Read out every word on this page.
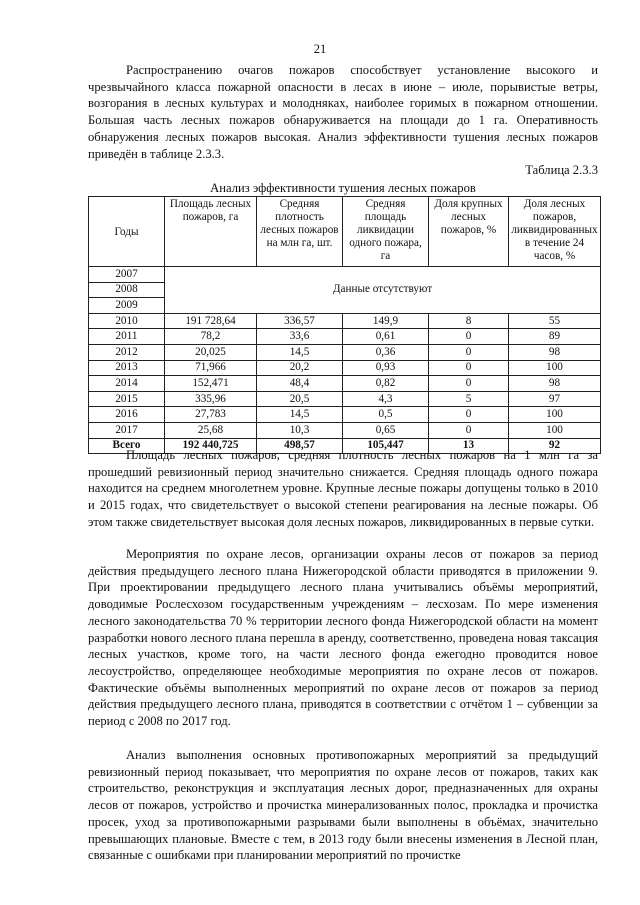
21

Распространению очагов пожаров способствует установление высокого и чрезвычайного класса пожарной опасности в лесах в июне – июле, порывистые ветры, возгорания в лесных культурах и молодняках, наиболее горимых в пожарном отношении. Большая часть лесных пожаров обнаруживается на площади до 1 га. Оперативность обнаружения лесных пожаров высокая. Анализ эффективности тушения лесных пожаров приведён в таблице 2.3.3.

Таблица 2.3.3
Анализ эффективности тушения лесных пожаров
Годы	Площадь лесных пожаров, га	Средняя плотность лесных пожаров на млн га, шт.	Средняя площадь ликвидации одного пожара, га	Доля крупных лесных пожаров, %	Доля лесных пожаров, ликвидированных в течение 24 часов, %
2007	Данные отсутствуют				
2008					
2009					
2010	191 728,64	336,57	149,9	8	55
2011	78,2	33,6	0,61	0	89
2012	20,025	14,5	0,36	0	98
2013	71,966	20,2	0,93	0	100
2014	152,471	48,4	0,82	0	98
2015	335,96	20,5	4,3	5	97
2016	27,783	14,5	0,5	0	100
2017	25,68	10,3	0,65	0	100
Всего	192 440,725	498,57	105,447	13	92

Площадь лесных пожаров, средняя плотность лесных пожаров на 1 млн га за прошедший ревизионный период значительно снижается. Средняя площадь одного пожара находится на среднем многолетнем уровне. Крупные лесные пожары допущены только в 2010 и 2015 годах, что свидетельствует о высокой степени реагирования на лесные пожары. Об этом также свидетельствует высокая доля лесных пожаров, ликвидированных в первые сутки.

Мероприятия по охране лесов, организации охраны лесов от пожаров за период действия предыдущего лесного плана Нижегородской области приводятся в приложении 9. При проектировании предыдущего лесного плана учитывались объёмы мероприятий, доводимые Рослесхозом государственным учреждениям – лесхозам. По мере изменения лесного законодательства 70 % территории лесного фонда Нижегородской области на момент разработки нового лесного плана перешла в аренду, соответственно, проведена новая таксация лесных участков, кроме того, на части лесного фонда ежегодно проводится новое лесоустройство, определяющее необходимые мероприятия по охране лесов от пожаров. Фактические объёмы выполненных мероприятий по охране лесов от пожаров за период действия предыдущего лесного плана, приводятся в соответствии с отчётом 1 – субвенции за период с 2008 по 2017 год.

Анализ выполнения основных противопожарных мероприятий за предыдущий ревизионный период показывает, что мероприятия по охране лесов от пожаров, таких как строительство, реконструкция и эксплуатация лесных дорог, предназначенных для охраны лесов от пожаров, устройство и прочистка минерализованных полос, прокладка и прочистка просек, уход за противопожарными разрывами были выполнены в объёмах, значительно превышающих плановые. Вместе с тем, в 2013 году были внесены изменения в Лесной план, связанные с ошибками при планировании мероприятий по прочистке
